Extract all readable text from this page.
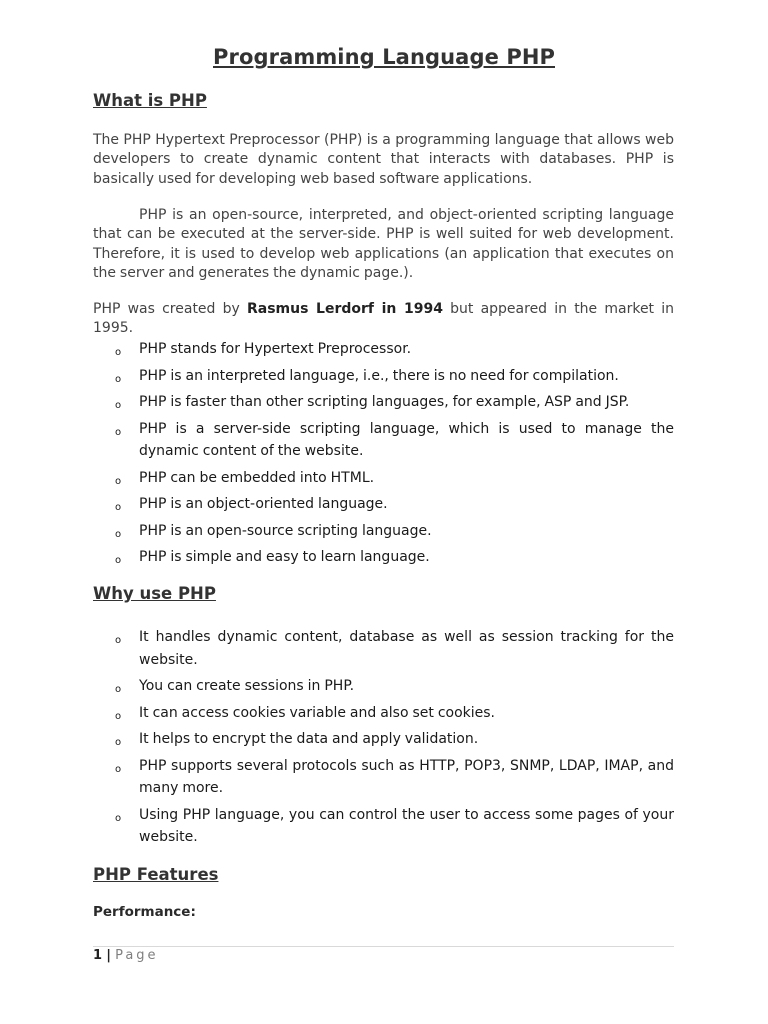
Programming Language PHP
What is PHP
The PHP Hypertext Preprocessor (PHP) is a programming language that allows web developers to create dynamic content that interacts with databases. PHP is basically used for developing web based software applications.
PHP is an open-source, interpreted, and object-oriented scripting language that can be executed at the server-side. PHP is well suited for web development. Therefore, it is used to develop web applications (an application that executes on the server and generates the dynamic page.).
PHP was created by Rasmus Lerdorf in 1994 but appeared in the market in 1995.
o PHP stands for Hypertext Preprocessor.
o PHP is an interpreted language, i.e., there is no need for compilation.
o PHP is faster than other scripting languages, for example, ASP and JSP.
o PHP is a server-side scripting language, which is used to manage the dynamic content of the website.
o PHP can be embedded into HTML.
o PHP is an object-oriented language.
o PHP is an open-source scripting language.
o PHP is simple and easy to learn language.
Why use PHP
o It handles dynamic content, database as well as session tracking for the website.
o You can create sessions in PHP.
o It can access cookies variable and also set cookies.
o It helps to encrypt the data and apply validation.
o PHP supports several protocols such as HTTP, POP3, SNMP, LDAP, IMAP, and many more.
o Using PHP language, you can control the user to access some pages of your website.
PHP Features
Performance:
1 | Page
